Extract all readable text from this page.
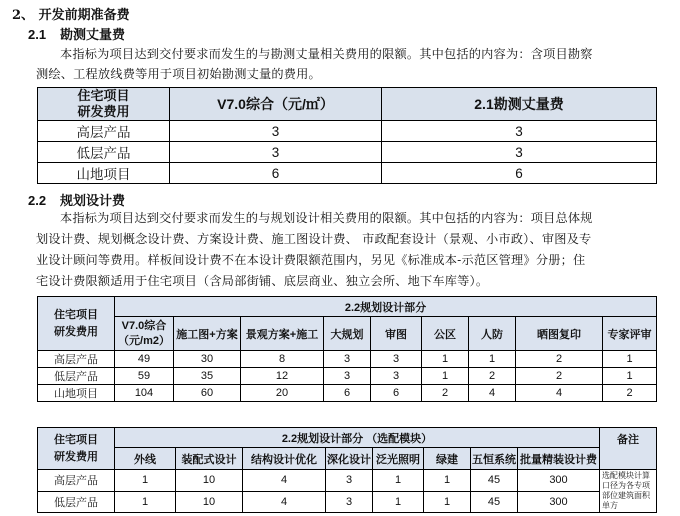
2、 开发前期准备费
2.1 勘测丈量费
本指标为项目达到交付要求而发生的与勘测丈量相关费用的限额。其中包括的内容为：含项目勘察
测绘、工程放线费等用于项目初始勘测丈量的费用。
住宅项目
研发费用	V7.0综合（元/㎡）	2.1勘测丈量费
高层产品	3	3
低层产品	3	3
山地项目	6	6
2.2 规划设计费
本指标为项目达到交付要求而发生的与规划设计相关费用的限额。其中包括的内容为：项目总体规
划设计费、规划概念设计费、方案设计费、施工图设计费、 市政配套设计（景观、小市政）、审图及专
业设计顾问等费用。样板间设计费不在本设计费限额范围内，另见《标准成本-示范区管理》分册；住
宅设计费限额适用于住宅项目（含局部街铺、底层商业、独立会所、地下车库等）。
住宅项目
研发费用	2.2规划设计部分								

	V7.0综合
（元/m2）	施工图+方案	景观方案+施工	大规划	审图	公区	人防	晒图复印	专家评审
高层产品	49	30	8	3	3	1	1	2	1
低层产品	59	35	12	3	3	1	2	2	1
山地项目	104	60	20	6	6	2	4	4	2
住宅项目
研发费用	2.2规划设计部分 （选配模块）								备注
	外线	装配式设计	结构设计优化	深化设计	泛光照明	绿建	五恒系统	批量精装设计费	
高层产品	1	10	4	3	1	1	45	300	选配模块计算口径为各专项部位建筑面积单方
低层产品	1	10	4	3	1	1	45	300	
